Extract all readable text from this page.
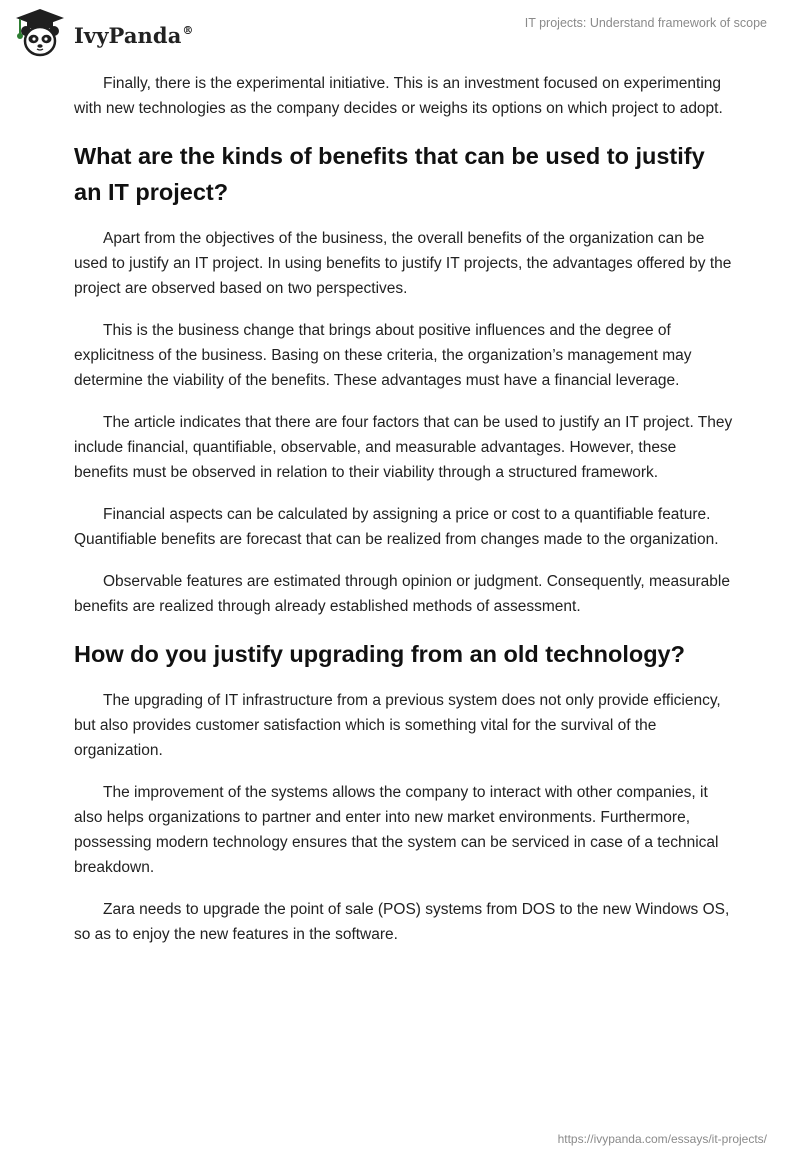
IvyPanda®	IT projects: Understand framework of scope

Finally, there is the experimental initiative. This is an investment focused on experimenting with new technologies as the company decides or weighs its options on which project to adopt.

What are the kinds of benefits that can be used to justify an IT project?

Apart from the objectives of the business, the overall benefits of the organization can be used to justify an IT project. In using benefits to justify IT projects, the advantages offered by the project are observed based on two perspectives.

This is the business change that brings about positive influences and the degree of explicitness of the business. Basing on these criteria, the organization’s management may determine the viability of the benefits. These advantages must have a financial leverage.

The article indicates that there are four factors that can be used to justify an IT project. They include financial, quantifiable, observable, and measurable advantages. However, these benefits must be observed in relation to their viability through a structured framework.

Financial aspects can be calculated by assigning a price or cost to a quantifiable feature. Quantifiable benefits are forecast that can be realized from changes made to the organization.

Observable features are estimated through opinion or judgment. Consequently, measurable benefits are realized through already established methods of assessment.

How do you justify upgrading from an old technology?

The upgrading of IT infrastructure from a previous system does not only provide efficiency, but also provides customer satisfaction which is something vital for the survival of the organization.

The improvement of the systems allows the company to interact with other companies, it also helps organizations to partner and enter into new market environments. Furthermore, possessing modern technology ensures that the system can be serviced in case of a technical breakdown.

Zara needs to upgrade the point of sale (POS) systems from DOS to the new Windows OS, so as to enjoy the new features in the software.

https://ivypanda.com/essays/it-projects/
